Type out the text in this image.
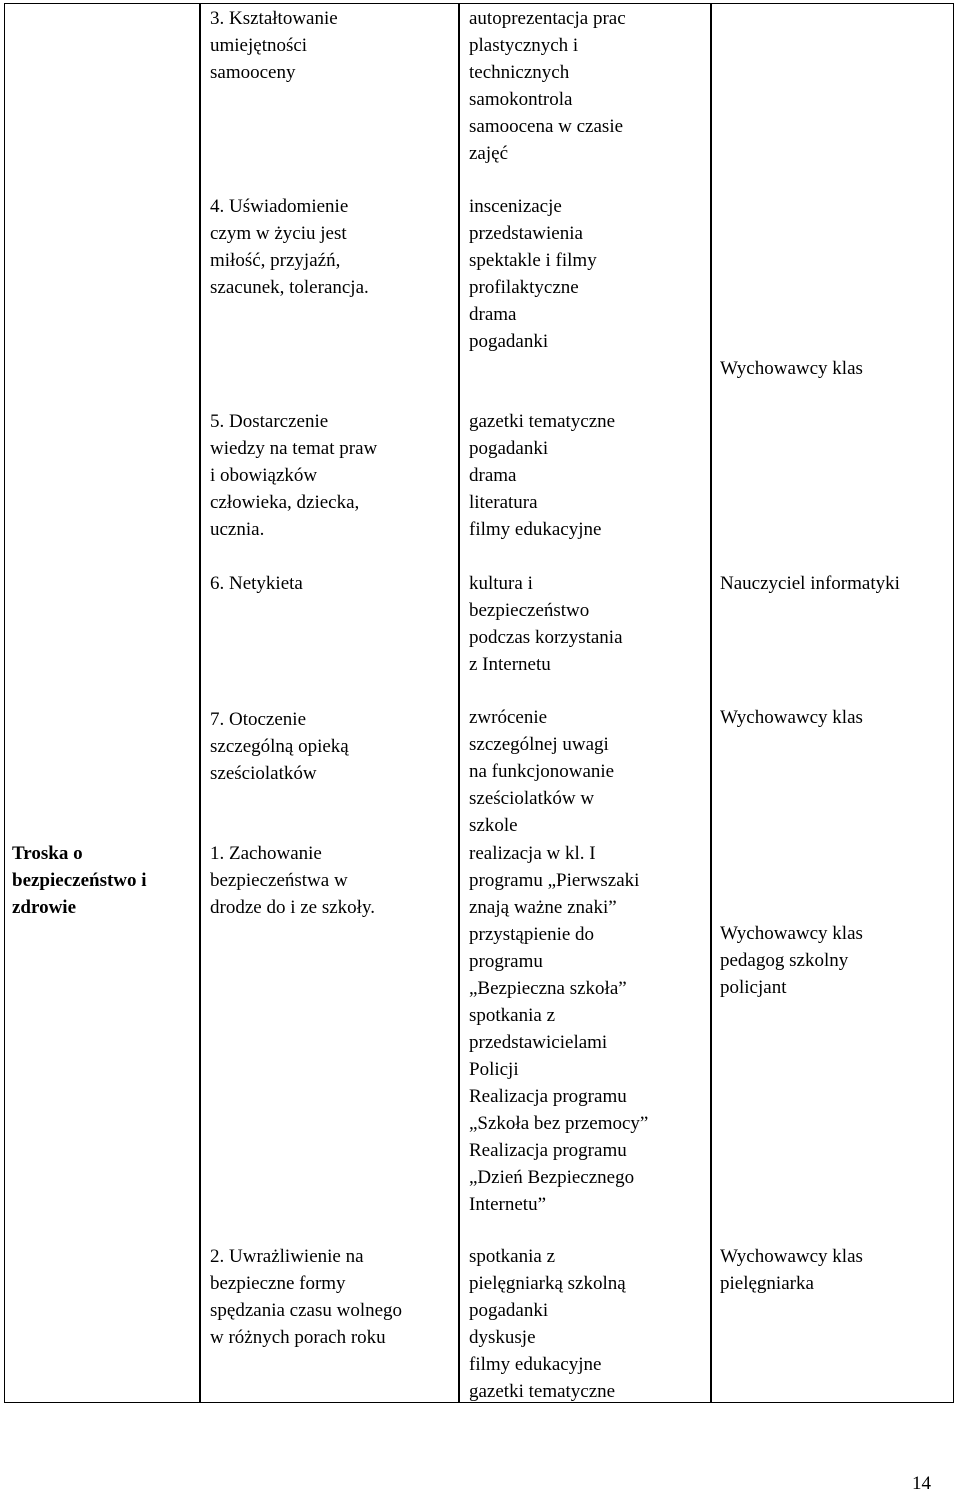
Troska o
bezpieczeństwo i
zdrowie
3. Kształtowanie
umiejętności
samooceny
autoprezentacja prac
plastycznych i
technicznych
samokontrola
samoocena w czasie
zajęć
4. Uświadomienie
czym w życiu jest
miłość, przyjaźń,
szacunek, tolerancja.
inscenizacje
przedstawienia
spektakle i filmy
profilaktyczne
drama
pogadanki
Wychowawcy klas
5. Dostarczenie
wiedzy na temat praw
i obowiązków
człowieka, dziecka,
ucznia.
gazetki tematyczne
pogadanki
drama
literatura
filmy edukacyjne
6. Netykieta	kultura i
bezpieczeństwo
podczas korzystania
z Internetu
Nauczyciel informatyki
7. Otoczenie
szczególną opieką
sześciolatków
zwrócenie
szczególnej uwagi
na funkcjonowanie
sześciolatków w
szkole
Wychowawcy klas
1. Zachowanie
bezpieczeństwa w
drodze do i ze szkoły.
realizacja w kl. I
programu „Pierwszaki
znają ważne znaki”
przystąpienie do
programu
„Bezpieczna szkoła”
spotkania z
przedstawicielami
Policji
Realizacja programu
„Szkoła bez przemocy”
Realizacja programu
„Dzień Bezpiecznego
Internetu”
Wychowawcy klas
pedagog szkolny
policjant
2. Uwrażliwienie na
bezpieczne formy
spędzania czasu wolnego
w różnych porach roku
spotkania z
pielęgniarką szkolną
pogadanki
dyskusje
filmy edukacyjne
gazetki tematyczne
Wychowawcy klas
pielęgniarka
14
